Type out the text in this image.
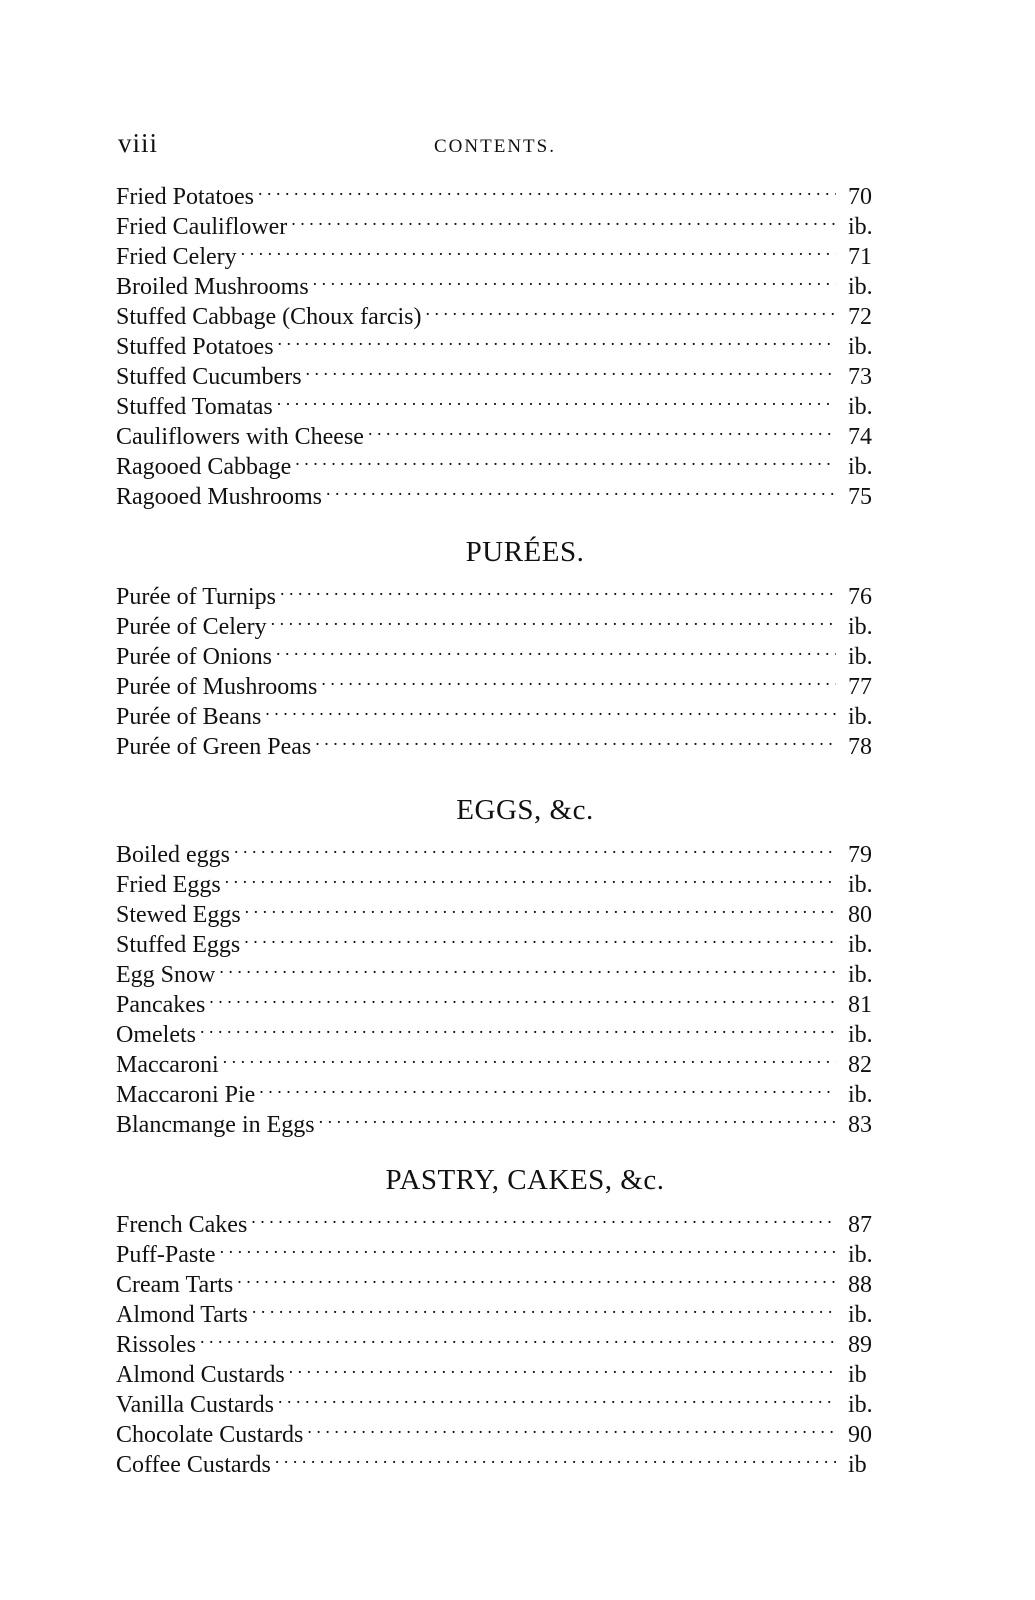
viii	CONTENTS.
Fried Potatoes . . .	70
Fried Cauliflower . . .	ib.
Fried Celery . . .	71
Broiled Mushrooms . . .	ib.
Stuffed Cabbage (Choux farcis) . . .	72
Stuffed Potatoes . . .	ib.
Stuffed Cucumbers . . .	73
Stuffed Tomatas . . .	ib.
Cauliflowers with Cheese . . .	74
Ragooed Cabbage . . .	ib.
Ragooed Mushrooms . . .	75
PURÉES.
Purée of Turnips . . .	76
Purée of Celery . . .	ib.
Purée of Onions . . .	ib.
Purée of Mushrooms . . .	77
Purée of Beans . . .	ib.
Purée of Green Peas . . .	78
EGGS, &c.
Boiled eggs . . .	79
Fried Eggs . . .	ib.
Stewed Eggs . . .	80
Stuffed Eggs . . .	ib.
Egg Snow . . .	ib.
Pancakes . . .	81
Omelets . . .	ib.
Maccaroni . . .	82
Maccaroni Pie . . .	ib.
Blancmange in Eggs . . .	83
PASTRY, CAKES, &c.
French Cakes . . .	87
Puff-Paste . . .	ib.
Cream Tarts . . .	88
Almond Tarts . . .	ib.
Rissoles . . .	89
Almond Custards . . .	ib
Vanilla Custards . . .	ib.
Chocolate Custards . . .	90
Coffee Custards . . .	ib
